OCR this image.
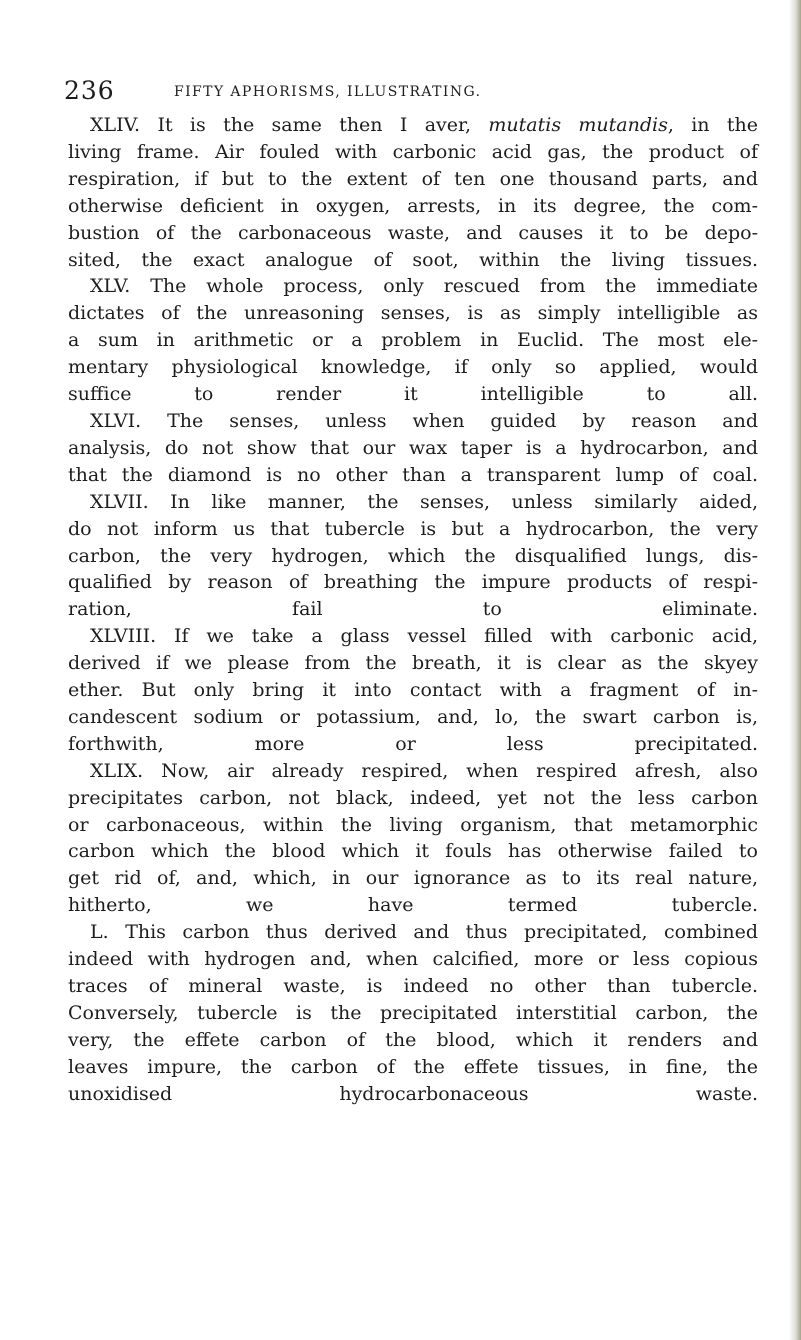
236	FIFTY APHORISMS, ILLUSTRATING.

XLIV. It is the same then I aver, mutatis mutandis, in the
living frame. Air fouled with carbonic acid gas, the product of
respiration, if but to the extent of ten one thousand parts, and
otherwise deficient in oxygen, arrests, in its degree, the com-
bustion of the carbonaceous waste, and causes it to be depo-
sited, the exact analogue of soot, within the living tissues.

XLV. The whole process, only rescued from the immediate
dictates of the unreasoning senses, is as simply intelligible as
a sum in arithmetic or a problem in Euclid. The most ele-
mentary physiological knowledge, if only so applied, would
suffice to render it intelligible to all.

XLVI. The senses, unless when guided by reason and
analysis, do not show that our wax taper is a hydrocarbon, and
that the diamond is no other than a transparent lump of coal.

XLVII. In like manner, the senses, unless similarly aided,
do not inform us that tubercle is but a hydrocarbon, the very
carbon, the very hydrogen, which the disqualified lungs, dis-
qualified by reason of breathing the impure products of respi-
ration, fail to eliminate.

XLVIII. If we take a glass vessel filled with carbonic acid,
derived if we please from the breath, it is clear as the skyey
ether. But only bring it into contact with a fragment of in-
candescent sodium or potassium, and, lo, the swart carbon is,
forthwith, more or less precipitated.

XLIX. Now, air already respired, when respired afresh, also
precipitates carbon, not black, indeed, yet not the less carbon
or carbonaceous, within the living organism, that metamorphic
carbon which the blood which it fouls has otherwise failed to
get rid of, and, which, in our ignorance as to its real nature,
hitherto, we have termed tubercle.

L. This carbon thus derived and thus precipitated, combined
indeed with hydrogen and, when calcified, more or less copious
traces of mineral waste, is indeed no other than tubercle.
Conversely, tubercle is the precipitated interstitial carbon, the
very, the effete carbon of the blood, which it renders and
leaves impure, the carbon of the effete tissues, in fine, the
unoxidised hydrocarbonaceous waste.
